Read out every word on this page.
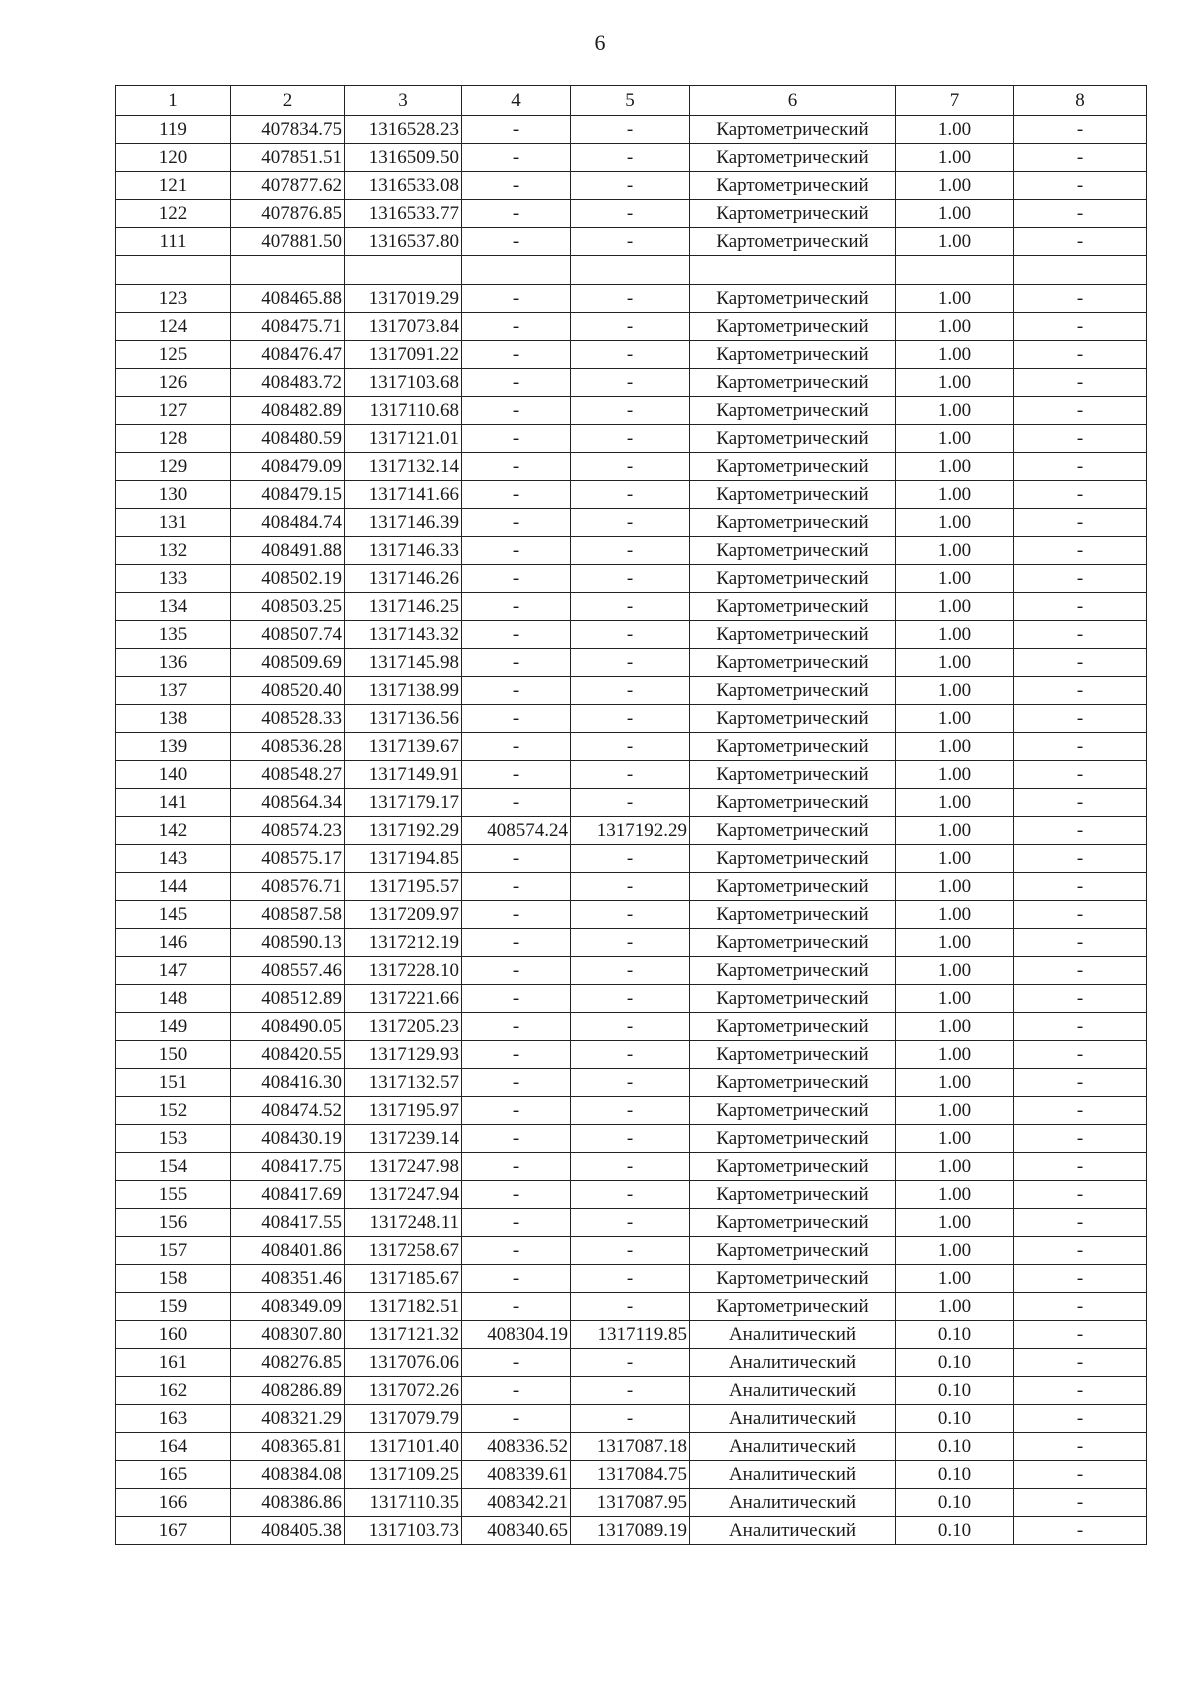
6
1	2	3	4	5	6	7	8
119	407834.75	1316528.23	-	-	Картометрический	1.00	-
120	407851.51	1316509.50	-	-	Картометрический	1.00	-
121	407877.62	1316533.08	-	-	Картометрический	1.00	-
122	407876.85	1316533.77	-	-	Картометрический	1.00	-
111	407881.50	1316537.80	-	-	Картометрический	1.00	-

123	408465.88	1317019.29	-	-	Картометрический	1.00	-
124	408475.71	1317073.84	-	-	Картометрический	1.00	-
125	408476.47	1317091.22	-	-	Картометрический	1.00	-
126	408483.72	1317103.68	-	-	Картометрический	1.00	-
127	408482.89	1317110.68	-	-	Картометрический	1.00	-
128	408480.59	1317121.01	-	-	Картометрический	1.00	-
129	408479.09	1317132.14	-	-	Картометрический	1.00	-
130	408479.15	1317141.66	-	-	Картометрический	1.00	-
131	408484.74	1317146.39	-	-	Картометрический	1.00	-
132	408491.88	1317146.33	-	-	Картометрический	1.00	-
133	408502.19	1317146.26	-	-	Картометрический	1.00	-
134	408503.25	1317146.25	-	-	Картометрический	1.00	-
135	408507.74	1317143.32	-	-	Картометрический	1.00	-
136	408509.69	1317145.98	-	-	Картометрический	1.00	-
137	408520.40	1317138.99	-	-	Картометрический	1.00	-
138	408528.33	1317136.56	-	-	Картометрический	1.00	-
139	408536.28	1317139.67	-	-	Картометрический	1.00	-
140	408548.27	1317149.91	-	-	Картометрический	1.00	-
141	408564.34	1317179.17	-	-	Картометрический	1.00	-
142	408574.23	1317192.29	408574.24	1317192.29	Картометрический	1.00	-
143	408575.17	1317194.85	-	-	Картометрический	1.00	-
144	408576.71	1317195.57	-	-	Картометрический	1.00	-
145	408587.58	1317209.97	-	-	Картометрический	1.00	-
146	408590.13	1317212.19	-	-	Картометрический	1.00	-
147	408557.46	1317228.10	-	-	Картометрический	1.00	-
148	408512.89	1317221.66	-	-	Картометрический	1.00	-
149	408490.05	1317205.23	-	-	Картометрический	1.00	-
150	408420.55	1317129.93	-	-	Картометрический	1.00	-
151	408416.30	1317132.57	-	-	Картометрический	1.00	-
152	408474.52	1317195.97	-	-	Картометрический	1.00	-
153	408430.19	1317239.14	-	-	Картометрический	1.00	-
154	408417.75	1317247.98	-	-	Картометрический	1.00	-
155	408417.69	1317247.94	-	-	Картометрический	1.00	-
156	408417.55	1317248.11	-	-	Картометрический	1.00	-
157	408401.86	1317258.67	-	-	Картометрический	1.00	-
158	408351.46	1317185.67	-	-	Картометрический	1.00	-
159	408349.09	1317182.51	-	-	Картометрический	1.00	-
160	408307.80	1317121.32	408304.19	1317119.85	Аналитический	0.10	-
161	408276.85	1317076.06	-	-	Аналитический	0.10	-
162	408286.89	1317072.26	-	-	Аналитический	0.10	-
163	408321.29	1317079.79	-	-	Аналитический	0.10	-
164	408365.81	1317101.40	408336.52	1317087.18	Аналитический	0.10	-
165	408384.08	1317109.25	408339.61	1317084.75	Аналитический	0.10	-
166	408386.86	1317110.35	408342.21	1317087.95	Аналитический	0.10	-
167	408405.38	1317103.73	408340.65	1317089.19	Аналитический	0.10	-
